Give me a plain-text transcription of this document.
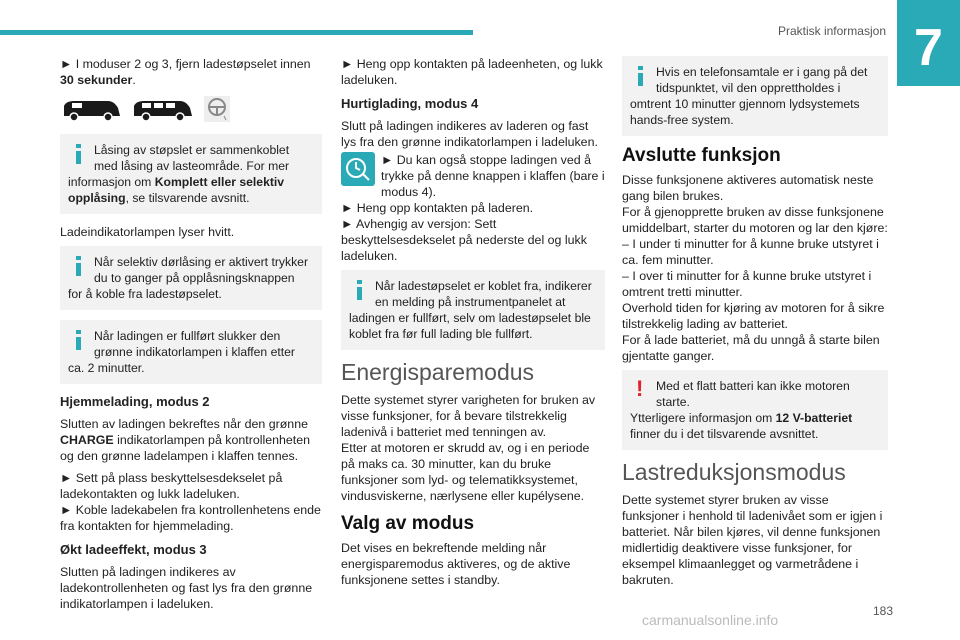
Praktisk informasjon 7

► I moduser 2 og 3, fjern ladestøpselet innen 30 sekunder.

Låsing av støpslet er sammenkoblet med låsing av lasteområde. For mer informasjon om Komplett eller selektiv opplåsing, se tilsvarende avsnitt.

Ladeindikatorlampen lyser hvitt.

Når selektiv dørlåsing er aktivert trykker du to ganger på opplåsningsknappen for å koble fra ladestøpselet.
Når ladingen er fullført slukker den grønne indikatorlampen i klaffen etter ca. 2 minutter.
Hjemmelading, modus 2

Slutten av ladingen bekreftes når den grønne CHARGE indikatorlampen på kontrollenheten og den grønne ladelampen i klaffen tennes.

► Sett på plass beskyttelsesdekselet på ladekontakten og lukk ladeluken.

► Koble ladekabelen fra kontrollenhetens ende fra kontakten for hjemmelading.

Økt ladeeffekt, modus 3

Slutten på ladingen indikeres av ladekontrollenheten og fast lys fra den grønne indikatorlampen i ladeluken.

► Heng opp kontakten på ladeenheten, og lukk ladeluken.

Hurtiglading, modus 4

Slutt på ladingen indikeres av laderen og fast lys fra den grønne indikatorlampen i ladeluken.

► Du kan også stoppe ladingen ved å trykke på denne knappen i klaffen (bare i modus 4).

► Heng opp kontakten på laderen.

► Avhengig av versjon: Sett beskyttelsesdekselet på nederste del og lukk ladeluken.

Når ladestøpselet er koblet fra, indikerer en melding på instrumentpanelet at ladingen er fullført, selv om ladestøpselet ble koblet fra før full lading ble fullført.
Energisparemodus

Dette systemet styrer varigheten for bruken av visse funksjoner, for å bevare tilstrekkelig ladenivå i batteriet med tenningen av.

Etter at motoren er skrudd av, og i en periode på maks ca. 30 minutter, kan du bruke funksjoner som lyd- og telematikksystemet, vindusviskerne, nærlysene eller kupélysene.

Valg av modus

Det vises en bekreftende melding når energisparemodus aktiveres, og de aktive funksjonene settes i standby.

Hvis en telefonsamtale er i gang på det tidspunktet, vil den opprettholdes i omtrent 10 minutter gjennom lydsystemets hands-free system.
Avslutte funksjon

Disse funksjonene aktiveres automatisk neste gang bilen brukes.

For å gjenopprette bruken av disse funksjonene umiddelbart, starter du motoren og lar den kjøre:

– I under ti minutter for å kunne bruke utstyret i ca. fem minutter.

– I over ti minutter for å kunne bruke utstyret i omtrent tretti minutter.

Overhold tiden for kjøring av motoren for å sikre tilstrekkelig lading av batteriet.

For å lade batteriet, må du unngå å starte bilen gjentatte ganger.

! Med et flatt batteri kan ikke motoren starte.
Ytterligere informasjon om 12 V-batteriet finner du i det tilsvarende avsnittet.
Lastreduksjonsmodus

Dette systemet styrer bruken av visse funksjoner i henhold til ladenivået som er igjen i batteriet. Når bilen kjøres, vil denne funksjonen midlertidig deaktivere visse funksjoner, for eksempel klimaanlegget og varmetrådene i bakruten.

183
carmanualsonline.info
